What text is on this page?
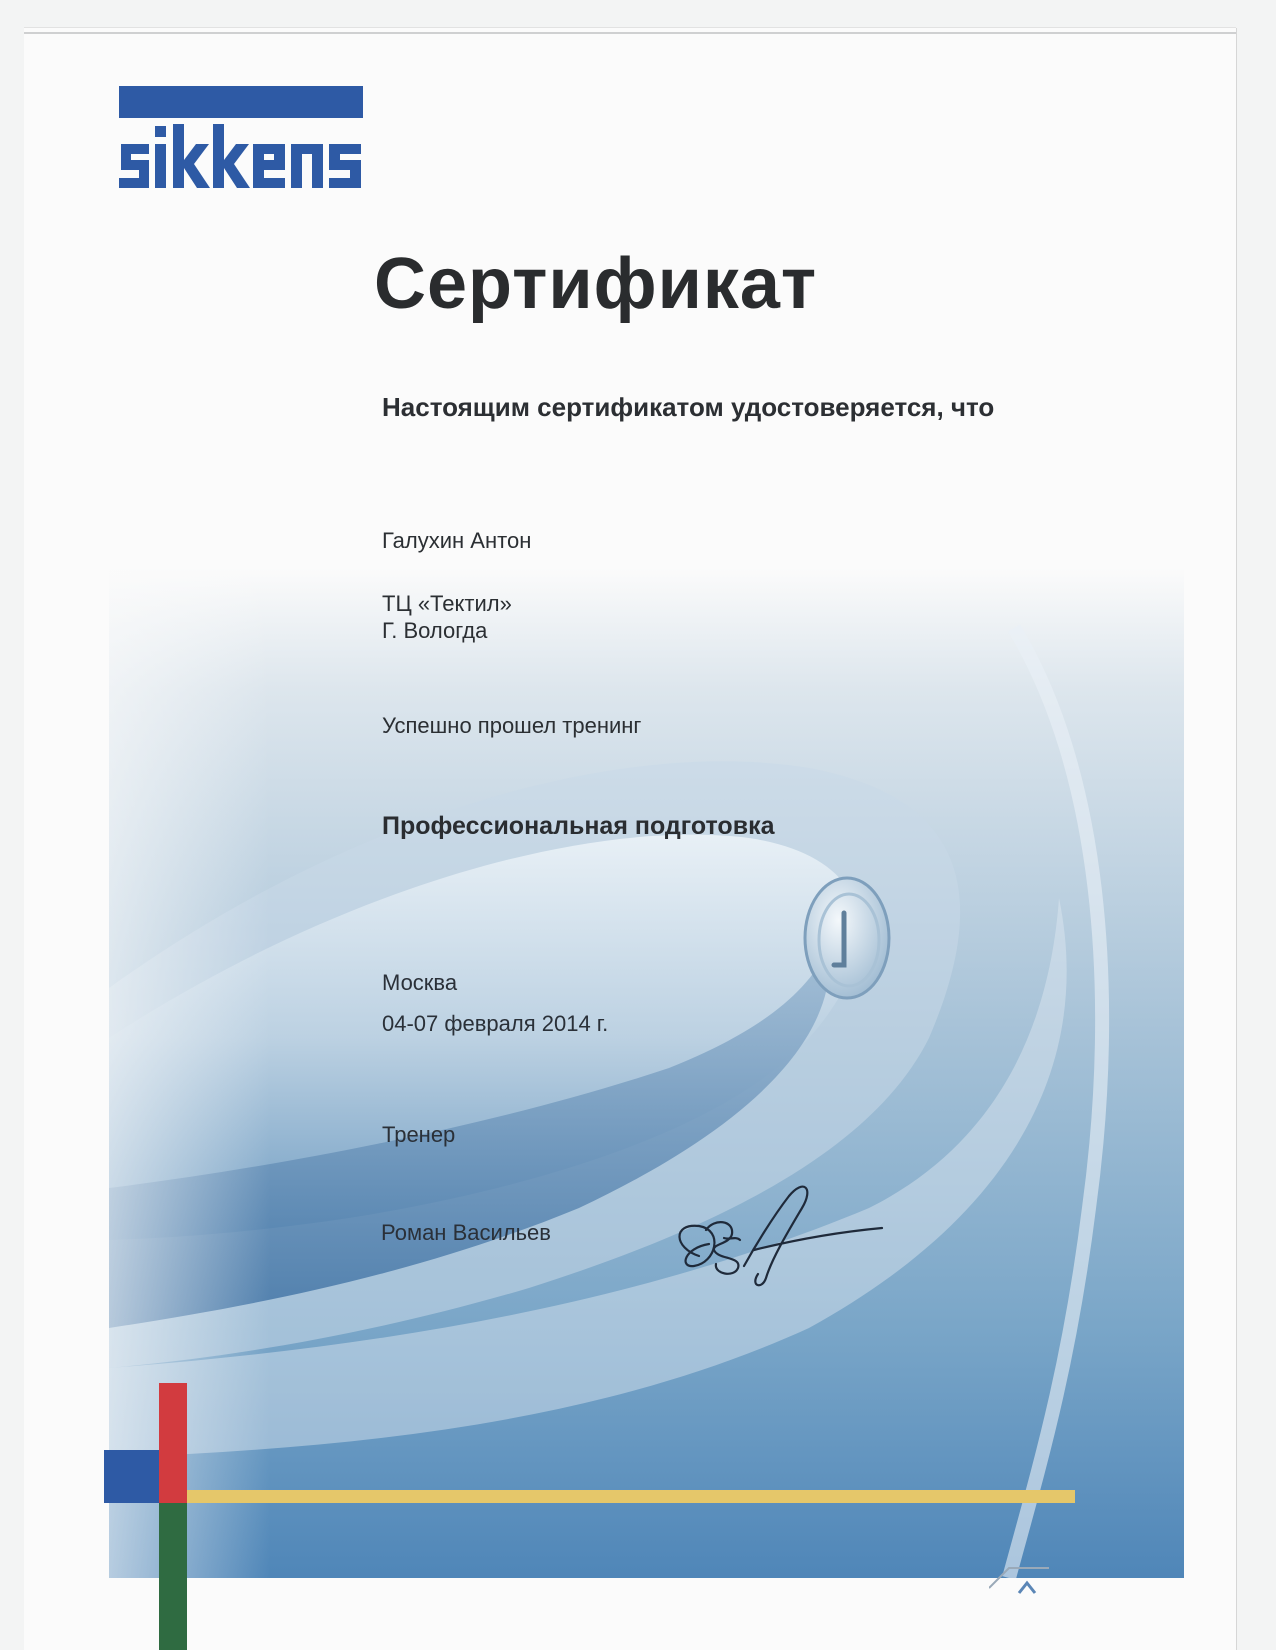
Сертификат
Настоящим сертификатом удостоверяется, что
Галухин Антон
ТЦ «Тектил»
Г. Вологда
Успешно прошел тренинг
Профессиональная подготовка
Москва
04-07 февраля 2014 г.
Тренер
Роман Васильев
